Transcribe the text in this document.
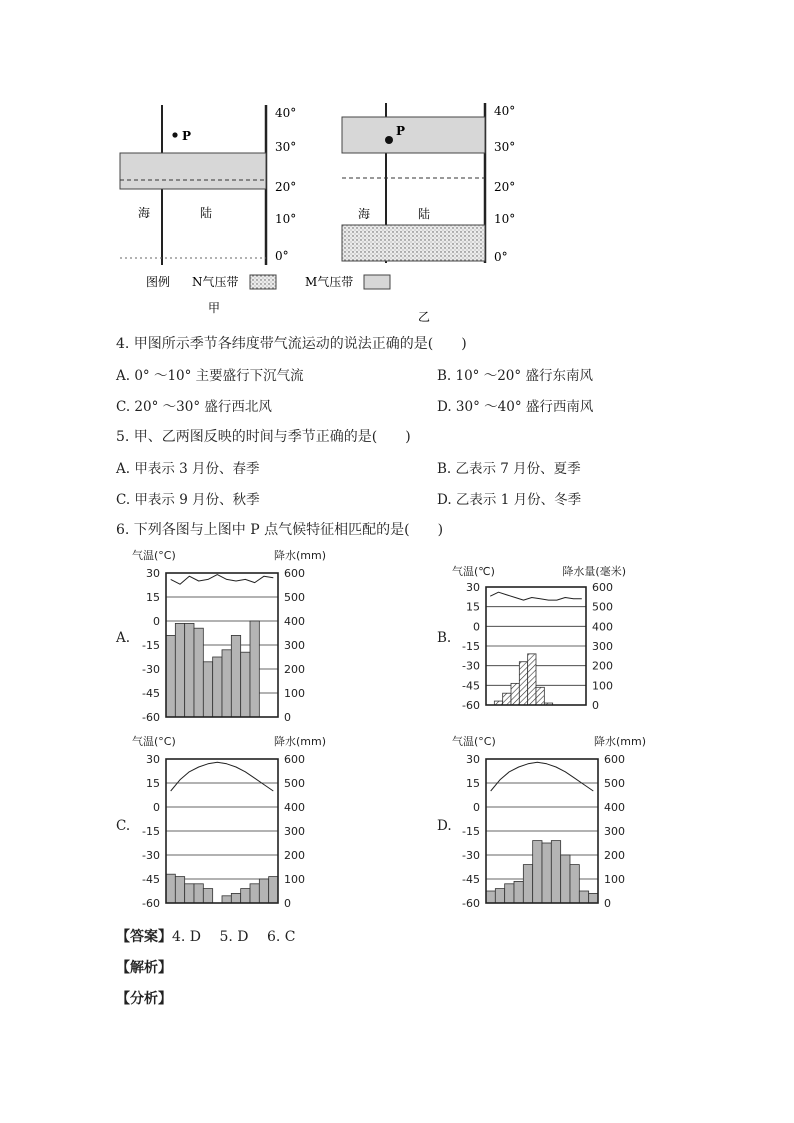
P
海	陆
40°
30°
20°
10°
0°
图例 N气压带	M气压带
甲
P
海	陆
40°
30°
20°
10°
0°
乙
4. 甲图所示季节各纬度带气流运动的说法正确的是(　　)
A. 0° ～10° 主要盛行下沉气流	B. 10° ～20° 盛行东南风
C. 20° ～30° 盛行西北风	D. 30° ～40° 盛行西南风
5. 甲、乙两图反映的时间与季节正确的是(　　)
A. 甲表示 3 月份、春季	B. 乙表示 7 月份、夏季
C. 甲表示 9 月份、秋季	D. 乙表示 1 月份、冬季
6. 下列各图与上图中 P 点气候特征相匹配的是(　　)
A.	B.
C.	D.
气温(°C)	降水(mm)
30	600
15	500
0	400
-15	300
-30	200
-45	100
-60	0
气温(℃)	降水量(毫米)
30	600
15	500
0	400
-15	300
-30	200
-45	100
-60	0
气温(°C)	降水(mm)
30	600
15	500
0	400
-15	300
-30	200
-45	100
-60	0
气温(°C)	降水(mm)
30	600
15	500
0	400
-15	300
-30	200
-45	100
-60	0
【答案】4. D　 5. D　 6. C
【解析】
【分析】
